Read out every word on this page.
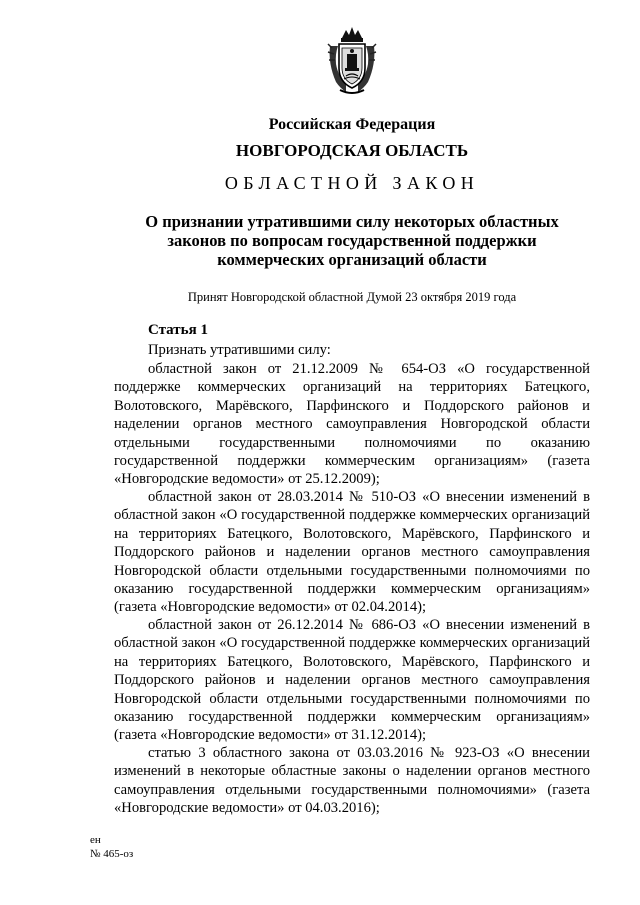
Российская Федерация
НОВГОРОДСКАЯ ОБЛАСТЬ
ОБЛАСТНОЙ ЗАКОН
О признании утратившими силу некоторых областных законов по вопросам государственной поддержки коммерческих организаций области
Принят Новгородской областной Думой 23 октября 2019 года
Статья 1
Признать утратившими силу:
областной закон от 21.12.2009 № 654-ОЗ «О государственной поддержке коммерческих организаций на территориях Батецкого, Волотовского, Марёвского, Парфинского и Поддорского районов и наделении органов местного самоуправления Новгородской области отдельными государственными полномочиями по оказанию государственной поддержки коммерческим организациям» (газета «Новгородские ведомости» от 25.12.2009);
областной закон от 28.03.2014 № 510-ОЗ «О внесении изменений в областной закон «О государственной поддержке коммерческих организаций на территориях Батецкого, Волотовского, Марёвского, Парфинского и Поддорского районов и наделении органов местного самоуправления Новгородской области отдельными государственными полномочиями по оказанию государственной поддержки коммерческим организациям» (газета «Новгородские ведомости» от 02.04.2014);
областной закон от 26.12.2014 № 686-ОЗ «О внесении изменений в областной закон «О государственной поддержке коммерческих организаций на территориях Батецкого, Волотовского, Марёвского, Парфинского и Поддорского районов и наделении органов местного самоуправления Новгородской области отдельными государственными полномочиями по оказанию государственной поддержки коммерческим организациям» (газета «Новгородские ведомости» от 31.12.2014);
статью 3 областного закона от 03.03.2016 № 923-ОЗ «О внесении изменений в некоторые областные законы о наделении органов местного самоуправления отдельными государственными полномочиями» (газета «Новгородские ведомости» от 04.03.2016);
ен
№ 465-оз
